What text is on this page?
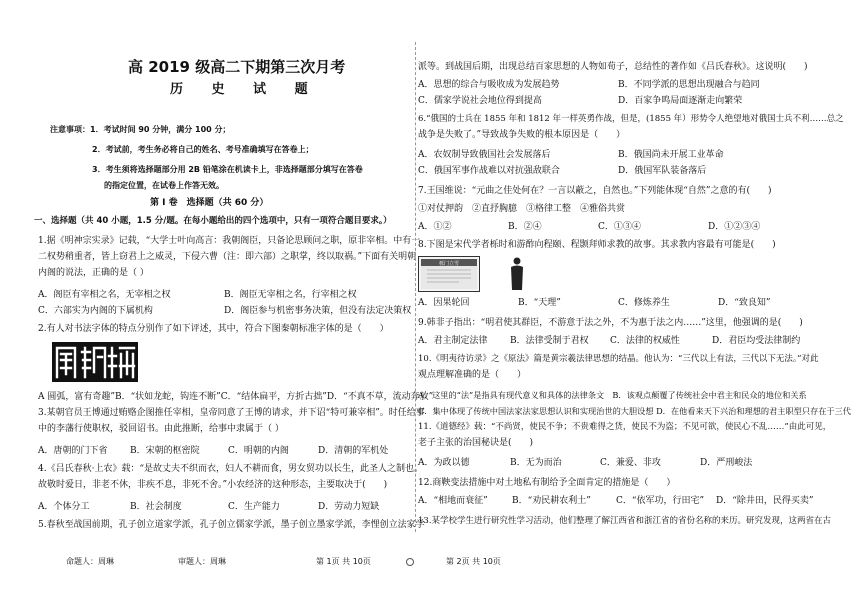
高 2019 级高二下期第三次月考
历 史 试 题
注意事项：1．考试时间 90 分钟，满分 100 分；
2．考试前，考生务必将自己的姓名、考号准确填写在答卷上；
3．考生须将选择题部分用 2B 铅笔涂在机读卡上，非选择题部分填写在答卷
的指定位置，在试卷上作答无效。
第 I 卷　选择题（共 60 分）
一、选择题（共 40 小题，1.5 分/题。在每小题给出的四个选项中，只有一项符合题目要求。）
1.据《明神宗实录》记载，“大学士叶向高言：我朝阁臣，只备论思顾问之职，原非宰相。中有一
二权势稍重者，皆上窃君上之威灵，下侵六曹（注：即六部）之职掌，终以取祸。”下面有关明朝
内阁的说法，正确的是（ ）
A．阁臣有宰相之名，无宰相之权	B．阁臣无宰相之名，行宰相之权
C．六部实为内阁的下属机构	D．阁臣参与机密事务决策，但没有法定决策权
2.有人对书法字体的特点分别作了如下评述，其中，符合下图秦朝标准字体的是（　　）
A 圆弧，富有奇趣”B．“状如龙蛇，钩连不断”C．“结体扁平，方折古拙”D．“不真不草，流动奔放”
3.某朝官员王博通过贿赂企图推任宰相，皇帝同意了王博的请求，并下诏“特可兼宰相”。时任给事
中的李藩行使职权，驳回诏书。由此推断，给事中隶属于（ ）
A．唐朝的门下省	B．宋朝的枢密院	C．明朝的内阁	D．清朝的军机处
4.《吕氏春秋·上农》载：“是故丈夫不织而衣，妇人不耕而食，男女贸功以长生，此圣人之制也。
故敬时爱日，非老不休，非疾不息，非死不舍。”小农经济的这种形态，主要取决于(　　)
A．个体分工	B．社会制度	C．生产能力	D．劳动力短缺
5.春秋至战国前期，孔子创立道家学派，孔子创立儒家学派，墨子创立墨家学派，李悝创立法家学
派等。到战国后期，出现总结百家思想的人物如荀子，总结性的著作如《吕氏春秋》。这说明(　　)
A．思想的综合与吸收成为发展趋势	B．不同学派的思想出现融合与趋同
C．儒家学说社会地位得到提高	D．百家争鸣局面逐渐走向繁荣
6.“俄国的士兵在 1855 年和 1812 年一样英勇作战，但是，(1855 年）形势令人绝望地对俄国士兵不利……总之
战争是失败了。”导致战争失败的根本原因是（　　）
A．农奴制导致俄国社会发展落后	B．俄国尚未开展工业革命
C．俄国军事作战难以对抗强敌联合	D．俄国军队装备落后
7.王国维说：“元曲之佳处何在？一言以蔽之，自然也。”下列能体现“自然”之意的有(　　)
①对仗押韵　②直抒胸臆　③格律工整　④雅俗共赏
A．①②	B．②④	C．①③④	D．①②③④
8.下图是宋代学者栎时和游酢向程颐、程颢拜师求教的故事。其求教内容最有可能是(　　)
栎门立雪
A．因果轮回	B．“天理”	C．修炼养生	D．“致良知”
9.韩非子指出：“明君使其群臣，不游意于法之外，不为惠于法之内……”这里，他强调的是(　　)
A．君主制定法律	B．法律受制于君权 C．法律的权威性	D．君臣均受法律制约
10.《明夷待访录》之《原法》篇是黄宗羲法律思想的结晶。他认为：“三代以上有法，三代以下无法。”对此
观点理解准确的是（　　）
A．这里的“法”是指具有现代意义和具体的法律条文　B．该观点颠覆了传统社会中君主和民众的地位和关系
C．集中体现了传统中国法家法家思想认识和实现治世的大胆设想 D．在他看来天下兴治和理想的君主职型只存在于三代
11.《道德经》载：“不尚贤，使民不争；不贵难得之货，使民不为盗；不见可欲，使民心不乱……”由此可见，
老子主张的治国秘诀是(　　)
A．为政以德	B．无为而治	C．兼爱、非攻	D．严刑峻法
12.商鞅变法措施中对土地私有制给予全面肯定的措施是（　　）
A．“相地而衰征”	B．“劝民耕农利土”	C．“依军功，行田宅” D．“除井田，民得买卖”
13.某学校学生进行研究性学习活动，他们整理了解江西省和浙江省的省份名称的来历。研究发现，这两省在古
命题人：周琳	审题人：周琳	第 1页 共 10页	第 2页 共 10页
